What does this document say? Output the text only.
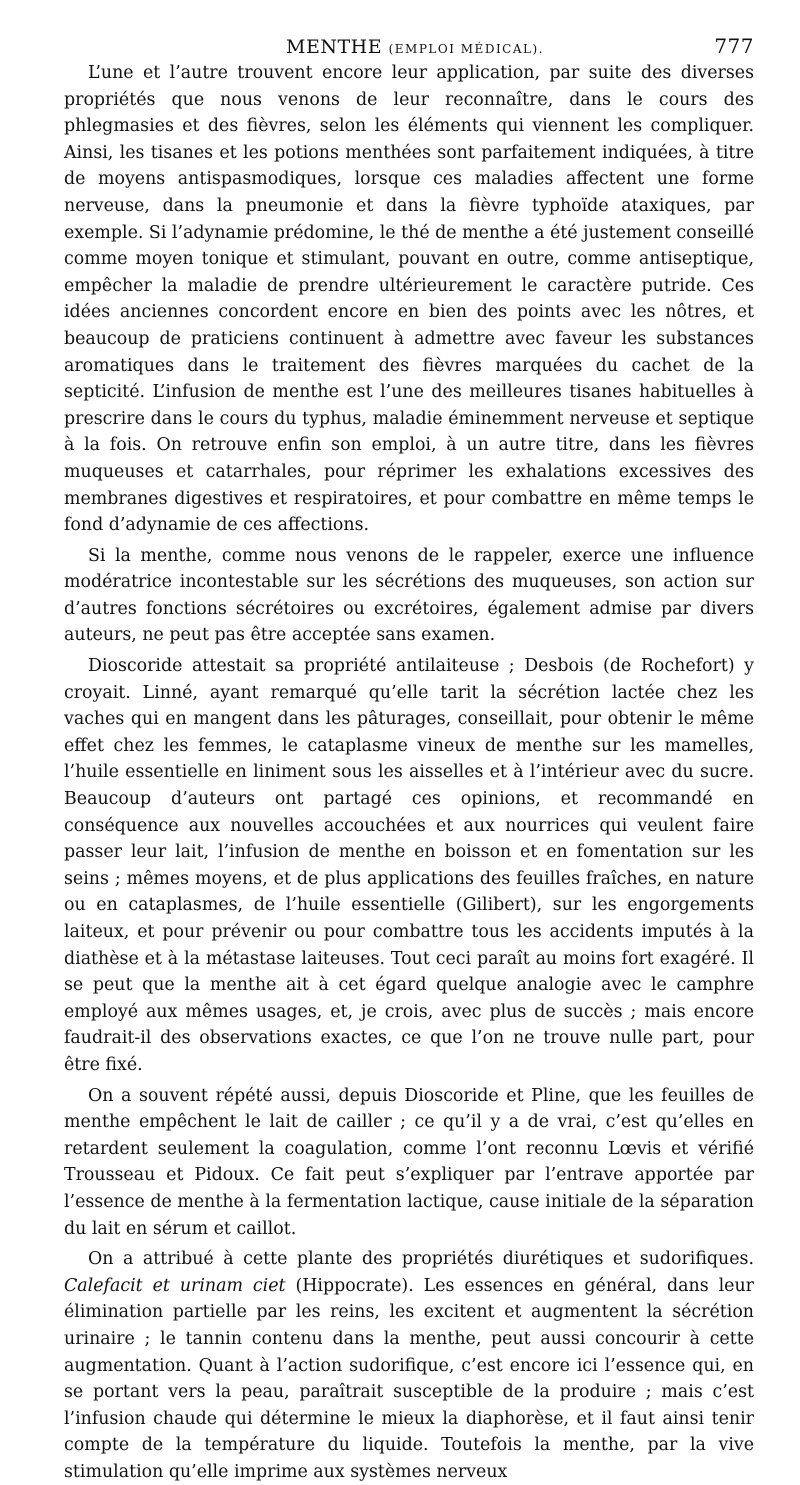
MENTHE (EMPLOI MÉDICAL).	777

L’une et l’autre trouvent encore leur application, par suite des diverses propriétés que nous venons de leur reconnaître, dans le cours des phlegmasies et des fièvres, selon les éléments qui viennent les compliquer. Ainsi, les tisanes et les potions menthées sont parfaitement indiquées, à titre de moyens antispasmodiques, lorsque ces maladies affectent une forme nerveuse, dans la pneumonie et dans la fièvre typhoïde ataxiques, par exemple. Si l’adynamie prédomine, le thé de menthe a été justement conseillé comme moyen tonique et stimulant, pouvant en outre, comme antiseptique, empêcher la maladie de prendre ultérieurement le caractère putride. Ces idées anciennes concordent encore en bien des points avec les nôtres, et beaucoup de praticiens continuent à admettre avec faveur les substances aromatiques dans le traitement des fièvres marquées du cachet de la septicité. L’infusion de menthe est l’une des meilleures tisanes habituelles à prescrire dans le cours du typhus, maladie éminemment nerveuse et septique à la fois. On retrouve enfin son emploi, à un autre titre, dans les fièvres muqueuses et catarrhales, pour réprimer les exhalations excessives des membranes digestives et respiratoires, et pour combattre en même temps le fond d’adynamie de ces affections.

Si la menthe, comme nous venons de le rappeler, exerce une influence modératrice incontestable sur les sécrétions des muqueuses, son action sur d’autres fonctions sécrétoires ou excrétoires, également admise par divers auteurs, ne peut pas être acceptée sans examen.

Dioscoride attestait sa propriété antilaiteuse ; Desbois (de Rochefort) y croyait. Linné, ayant remarqué qu’elle tarit la sécrétion lactée chez les vaches qui en mangent dans les pâturages, conseillait, pour obtenir le même effet chez les femmes, le cataplasme vineux de menthe sur les mamelles, l’huile essentielle en liniment sous les aisselles et à l’intérieur avec du sucre. Beaucoup d’auteurs ont partagé ces opinions, et recommandé en conséquence aux nouvelles accouchées et aux nourrices qui veulent faire passer leur lait, l’infusion de menthe en boisson et en fomentation sur les seins ; mêmes moyens, et de plus applications des feuilles fraîches, en nature ou en cataplasmes, de l’huile essentielle (Gilibert), sur les engorgements laiteux, et pour prévenir ou pour combattre tous les accidents imputés à la diathèse et à la métastase laiteuses. Tout ceci paraît au moins fort exagéré. Il se peut que la menthe ait à cet égard quelque analogie avec le camphre employé aux mêmes usages, et, je crois, avec plus de succès ; mais encore faudrait-il des observations exactes, ce que l’on ne trouve nulle part, pour être fixé.

On a souvent répété aussi, depuis Dioscoride et Pline, que les feuilles de menthe empêchent le lait de cailler ; ce qu’il y a de vrai, c’est qu’elles en retardent seulement la coagulation, comme l’ont reconnu Lœvis et vérifié Trousseau et Pidoux. Ce fait peut s’expliquer par l’entrave apportée par l’essence de menthe à la fermentation lactique, cause initiale de la séparation du lait en sérum et caillot.

On a attribué à cette plante des propriétés diurétiques et sudorifiques. Calefacit et urinam ciet (Hippocrate). Les essences en général, dans leur élimination partielle par les reins, les excitent et augmentent la sécrétion urinaire ; le tannin contenu dans la menthe, peut aussi concourir à cette augmentation. Quant à l’action sudorifique, c’est encore ici l’essence qui, en se portant vers la peau, paraîtrait susceptible de la produire ; mais c’est l’infusion chaude qui détermine le mieux la diaphorèse, et il faut ainsi tenir compte de la température du liquide. Toutefois la menthe, par la vive stimulation qu’elle imprime aux systèmes nerveux
